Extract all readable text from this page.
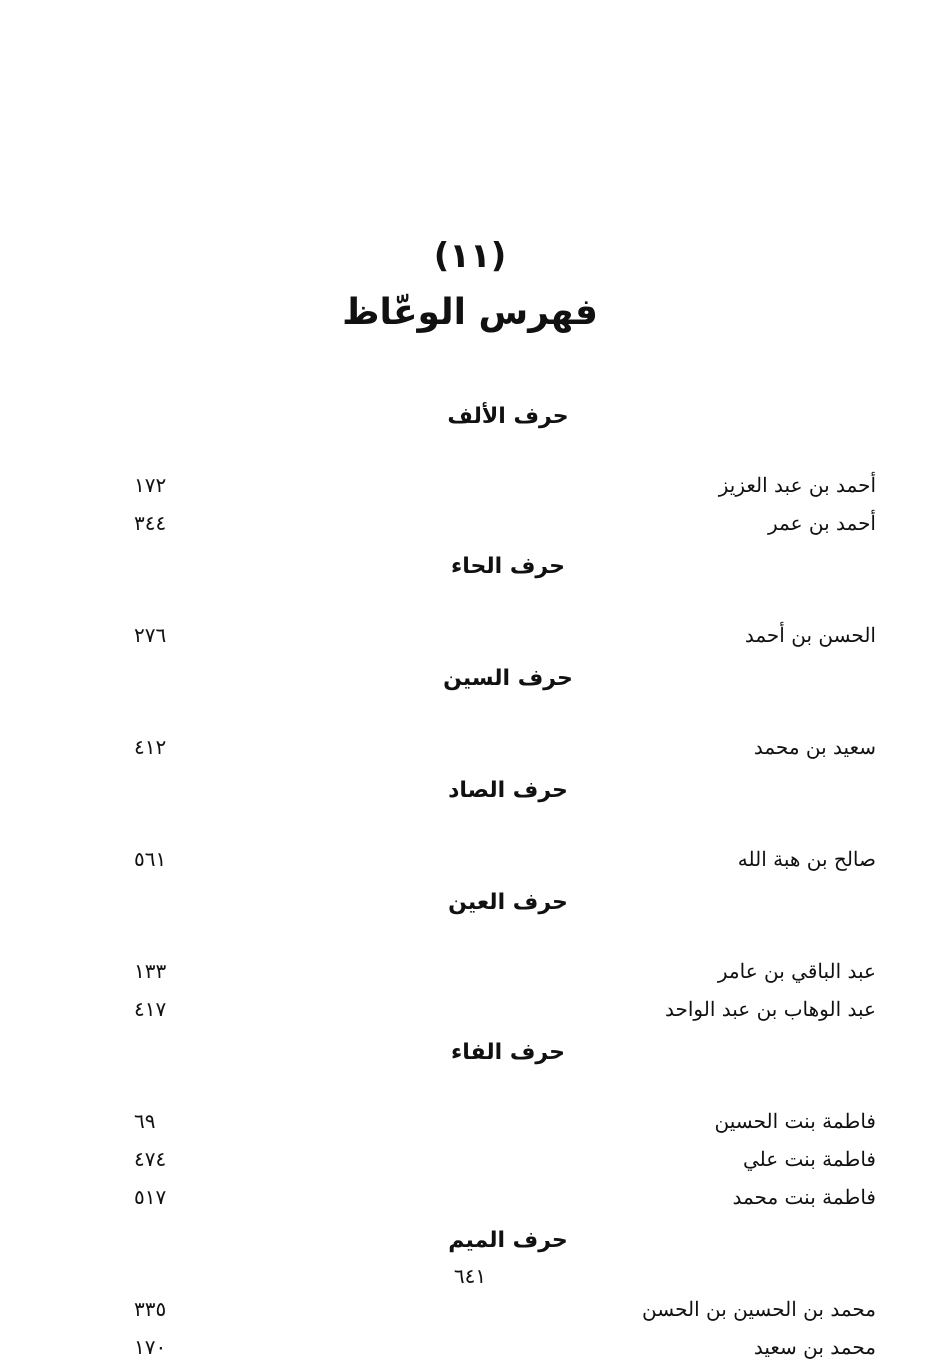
(١١)
فهرس الوعّاظ
حرف الألف
١٧٢	أحمد بن عبد العزيز
٣٤٤	أحمد بن عمر
حرف الحاء
٢٧٦	الحسن بن أحمد
حرف السين
٤١٢	سعيد بن محمد
حرف الصاد
٥٦١	صالح بن هبة الله
حرف العين
١٣٣	عبد الباقي بن عامر
٤١٧	عبد الوهاب بن عبد الواحد
حرف الفاء
٦٩	فاطمة بنت الحسين
٤٧٤	فاطمة بنت علي
٥١٧	فاطمة بنت محمد
حرف الميم
٣٣٥	محمد بن الحسين بن الحسن
١٧٠	محمد بن سعيد
٦٤١
